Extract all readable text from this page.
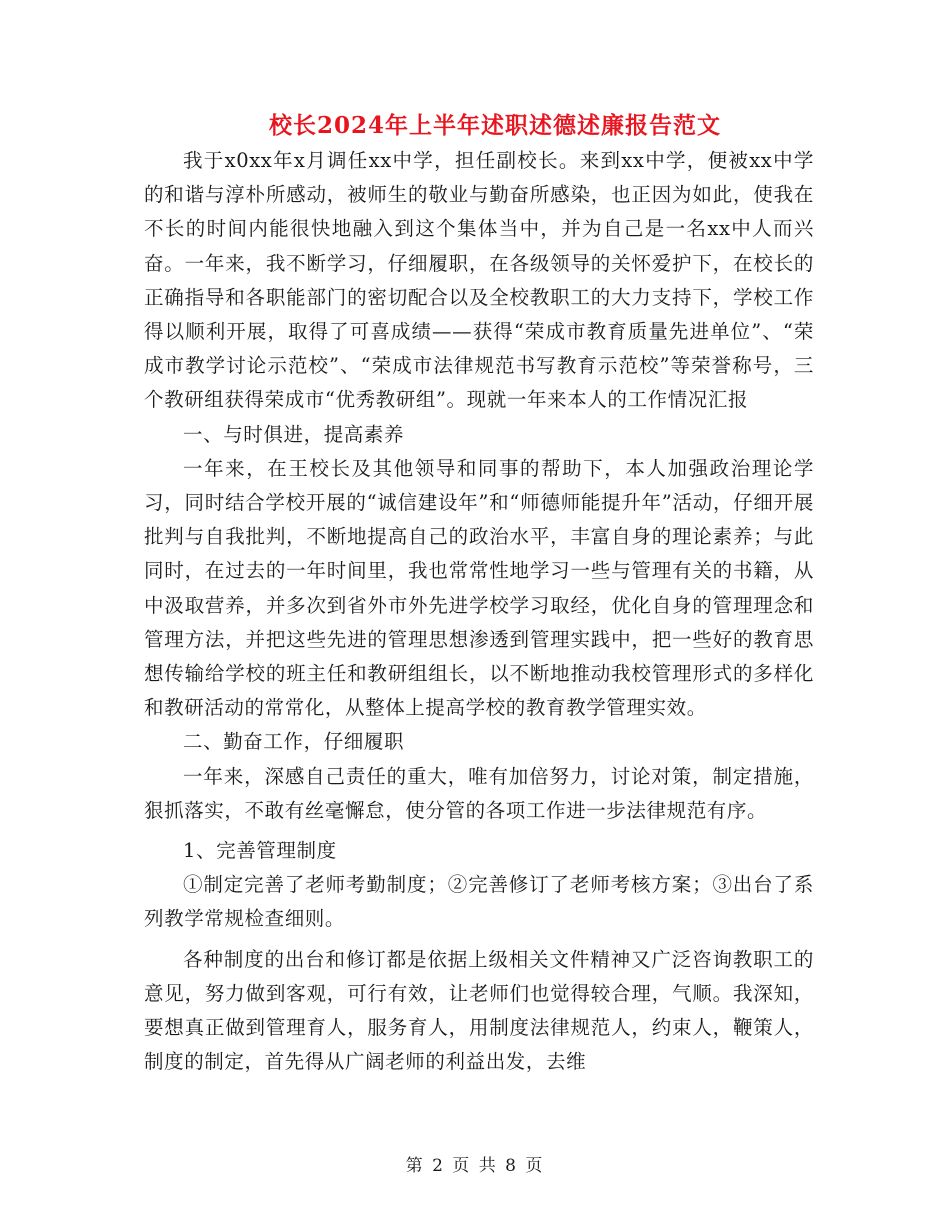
校长2024年上半年述职述德述廉报告范文

我于x0xx年x月调任xx中学，担任副校长。来到xx中学，便被xx中学的和谐与淳朴所感动，被师生的敬业与勤奋所感染，也正因为如此，使我在不长的时间内能很快地融入到这个集体当中，并为自己是一名xx中人而兴奋。一年来，我不断学习，仔细履职，在各级领导的关怀爱护下，在校长的正确指导和各职能部门的密切配合以及全校教职工的大力支持下，学校工作得以顺利开展，取得了可喜成绩——获得“荣成市教育质量先进单位”、“荣成市教学讨论示范校”、“荣成市法律规范书写教育示范校”等荣誉称号，三个教研组获得荣成市“优秀教研组”。现就一年来本人的工作情况汇报

一、与时俱进，提高素养

一年来，在王校长及其他领导和同事的帮助下，本人加强政治理论学习，同时结合学校开展的“诚信建设年”和“师德师能提升年”活动，仔细开展批判与自我批判，不断地提高自己的政治水平，丰富自身的理论素养；与此同时，在过去的一年时间里，我也常常性地学习一些与管理有关的书籍，从中汲取营养，并多次到省外市外先进学校学习取经，优化自身的管理理念和管理方法，并把这些先进的管理思想渗透到管理实践中，把一些好的教育思想传输给学校的班主任和教研组组长，以不断地推动我校管理形式的多样化和教研活动的常常化，从整体上提高学校的教育教学管理实效。

二、勤奋工作，仔细履职

一年来，深感自己责任的重大，唯有加倍努力，讨论对策，制定措施，狠抓落实，不敢有丝毫懈怠，使分管的各项工作进一步法律规范有序。

1、完善管理制度

①制定完善了老师考勤制度；②完善修订了老师考核方案；③出台了系列教学常规检查细则。

各种制度的出台和修订都是依据上级相关文件精神又广泛咨询教职工的意见，努力做到客观，可行有效，让老师们也觉得较合理，气顺。我深知，要想真正做到管理育人，服务育人，用制度法律规范人，约束人，鞭策人，制度的制定，首先得从广阔老师的利益出发，去维

第 2 页 共 8 页
